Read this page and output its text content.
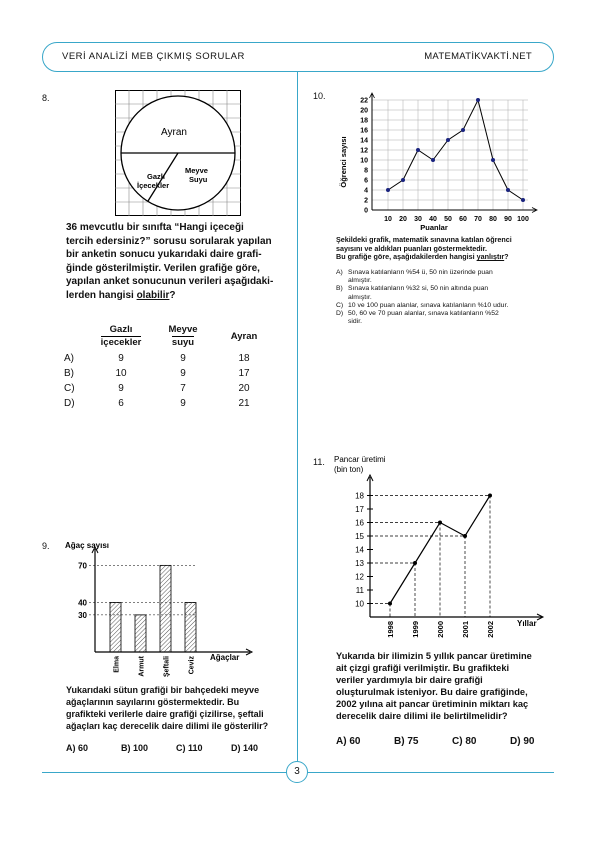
VERİ ANALİZİ MEB ÇIKMIŞ SORULAR	MATEMATİKVAKTİ.NET
3
8.
Ayran
Gazlı
İçecekler
Meyve
Suyu
36 mevcutlu bir sınıfta “Hangi içeceği
tercih edersiniz?” sorusu sorularak yapılan
bir anketin sonucu yukarıdaki daire grafi-
ğinde gösterilmiştir. Verilen grafiğe göre,
yapılan anket sonucunun verileri aşağıdaki-
lerden hangisi olabilir?
	Gazlı
içecekler	Meyve
suyu	Ayran
A)	9	9	18
B)	10	9	17
C)	9	7	20
D)	6	9	21
9. Ağaç sayısı
30
40
70
Elma	Armut	Şeftali	Ceviz Ağaçlar
Yukarıdaki sütun grafiği bir bahçedeki meyve
ağaçlarının sayılarını göstermektedir. Bu
grafikteki verilerle daire grafiği çizilirse, şeftali
ağaçları kaç derecelik daire dilimi ile gösterilir?
A) 60	B) 100	C) 110	D) 140
10.
Öğrenci sayısı
0
2
4
6
8
10
12
14
16
18
20
22
10 20 30 40 50 60 70 80 90 100
Puanlar
Şekildeki grafik, matematik sınavına katılan öğrenci
sayısını ve aldıkları puanları göstermektedir.
Bu grafiğe göre, aşağıdakilerden hangisi yanlıştır?
A) Sınava katılanların %54 ü, 50 nin üzerinde puan
almıştır.
B) Sınava katılanların %32 si, 50 nin altında puan
almıştır.
C) 10 ve 100 puan alanlar, sınava katılanların %10 udur.
D) 50, 60 ve 70 puan alanlar, sınava katılanların %52
sidir.
11. Pancar üretimi
(bin ton)
10
11
12
13
14
15
16
17
18
1998 1999 2000 2001 2002	Yıllar
Yukarıda bir ilimizin 5 yıllık pancar üretimine
ait çizgi grafiği verilmiştir. Bu grafikteki
veriler yardımıyla bir daire grafiği
oluşturulmak isteniyor. Bu daire grafiğinde,
2002 yılına ait pancar üretiminin miktarı kaç
derecelik daire dilimi ile belirtilmelidir?
A) 60	B) 75	C) 80	D) 90
